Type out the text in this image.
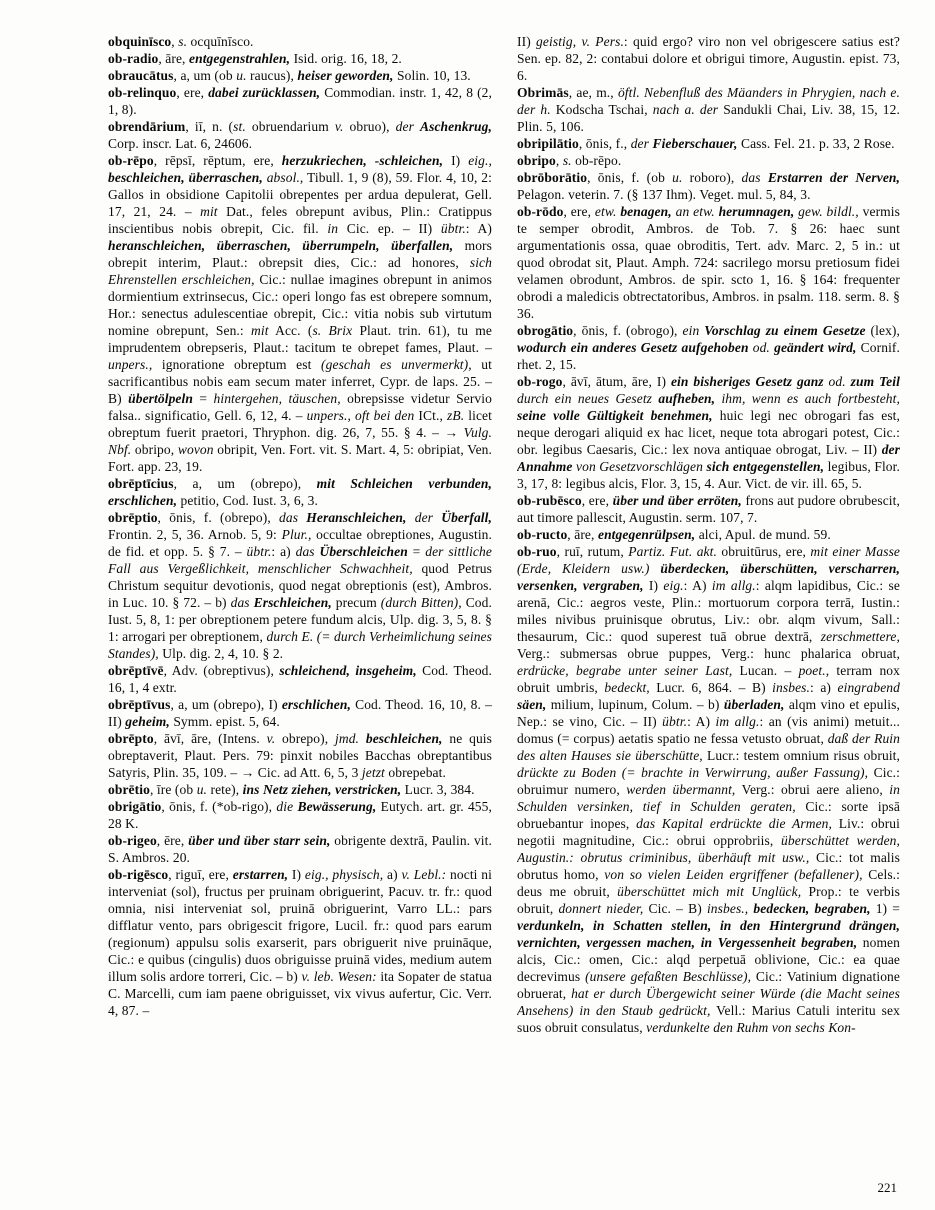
obquinīsco, s. ocquīnīsco.

ob-radio, āre, entgegenstrahlen, Isid. orig. 16, 18, 2.

obraucātus, a, um (ob u. raucus), heiser geworden, Solin. 10, 13.

ob-relinquo, ere, dabei zurücklassen, Commodian. instr. 1, 42, 8 (2, 1, 8).

obrendārium, iī, n. (st. obruendarium v. obruo), der Aschenkrug, Corp. inscr. Lat. 6, 24606.

ob-rēpo, rēpsī, rēptum, ere, herzukriechen, -schleichen, I) eig., beschleichen, überraschen, absol., Tibull. 1, 9 (8), 59. Flor. 4, 10, 2: Gallos in obsidione Capitolii obrepentes per ardua depulerat, Gell. 17, 21, 24. – mit Dat., feles obrepunt avibus, Plin.: Cratippus inscientibus nobis obrepit, Cic. fil. in Cic. ep. – II) übtr.: A) heranschleichen, überraschen, überrumpeln, überfallen, mors obrepit interim, Plaut.: obrepsit dies, Cic.: ad honores, sich Ehrenstellen erschleichen, Cic.: nullae imagines obrepunt in animos dormientium extrinsecus, Cic.: operi longo fas est obrepere somnum, Hor.: senectus adulescentiae obrepit, Cic.: vitia nobis sub virtutum nomine obrepunt, Sen.: mit Acc. (s. Brix Plaut. trin. 61), tu me imprudentem obrepseris, Plaut.: tacitum te obrepet fames, Plaut. – unpers., ignoratione obreptum est (geschah es unvermerkt), ut sacrificantibus nobis eam secum mater inferret, Cypr. de laps. 25. – B) übertölpeln = hintergehen, täuschen, obrepsisse videtur Servio falsa.. significatio, Gell. 6, 12, 4. – unpers., oft bei den ICt., zB. licet obreptum fuerit praetori, Thryphon. dig. 26, 7, 55. § 4. – → Vulg. Nbf. obripo, wovon obripit, Ven. Fort. vit. S. Mart. 4, 5: obripiat, Ven. Fort. app. 23, 19.

obrēptīcius, a, um (obrepo), mit Schleichen verbunden, erschlichen, petitio, Cod. Iust. 3, 6, 3.

obrēptio, ōnis, f. (obrepo), das Heranschleichen, der Überfall, Frontin. 2, 5, 36. Arnob. 5, 9: Plur., occultae obreptiones, Augustin. de fid. et opp. 5. § 7. – übtr.: a) das Überschleichen = der sittliche Fall aus Vergeßlichkeit, menschlicher Schwachheit, quod Petrus Christum sequitur devotionis, quod negat obreptionis (est), Ambros. in Luc. 10. § 72. – b) das Erschleichen, precum (durch Bitten), Cod. Iust. 5, 8, 1: per obreptionem petere fundum alcis, Ulp. dig. 3, 5, 8. § 1: arrogari per obreptionem, durch E. (= durch Verheimlichung seines Standes), Ulp. dig. 2, 4, 10. § 2.

obrēptīvē, Adv. (obreptivus), schleichend, insgeheim, Cod. Theod. 16, 1, 4 extr.

obrēptīvus, a, um (obrepo), I) erschlichen, Cod. Theod. 16, 10, 8. – II) geheim, Symm. epist. 5, 64.

obrēpto, āvī, āre, (Intens. v. obrepo), jmd. beschleichen, ne quis obreptaverit, Plaut. Pers. 79: pinxit nobiles Bacchas obreptantibus Satyris, Plin. 35, 109. – → Cic. ad Att. 6, 5, 3 jetzt obrepebat.

obrētio, īre (ob u. rete), ins Netz ziehen, verstricken, Lucr. 3, 384.

obrigātio, ōnis, f. (*ob-rigo), die Bewässerung, Eutych. art. gr. 455, 28 K.

ob-rigeo, ēre, über und über starr sein, obrigente dextrā, Paulin. vit. S. Ambros. 20.

ob-rigēsco, riguī, ere, erstarren, I) eig., physisch, a) v. Lebl.: nocti ni interveniat (sol), fructus per pruinam obriguerint, Pacuv. tr. fr.: quod omnia, nisi interveniat sol, pruinā obriguerint, Varro LL.: pars difflatur vento, pars obrigescit frigore, Lucil. fr.: quod pars earum (regionum) appulsu solis exarserit, pars obriguerit nive pruināque, Cic.: e quibus (cingulis) duos obriguisse pruinā vides, medium autem illum solis ardore torreri, Cic. – b) v. leb. Wesen: ita Sopater de statua C. Marcelli, cum iam paene obriguisset, vix vivus aufertur, Cic. Verr. 4, 87. –

II) geistig, v. Pers.: quid ergo? viro non vel obrigescere satius est? Sen. ep. 82, 2: contabui dolore et obrigui timore, Augustin. epist. 73, 6.

Obrimās, ae, m., öftl. Nebenfluß des Mäanders in Phrygien, nach e. der h. Kodscha Tschai, nach a. der Sandukli Chai, Liv. 38, 15, 12. Plin. 5, 106.

obripilātio, ōnis, f., der Fieberschauer, Cass. Fel. 21. p. 33, 2 Rose.

obripo, s. ob-rēpo.

obrōborātio, ōnis, f. (ob u. roboro), das Erstarren der Nerven, Pelagon. veterin. 7. (§ 137 Ihm). Veget. mul. 5, 84, 3.

ob-rōdo, ere, etw. benagen, an etw. herumnagen, gew. bildl., vermis te semper obrodit, Ambros. de Tob. 7. § 26: haec sunt argumentationis ossa, quae obroditis, Tert. adv. Marc. 2, 5 in.: ut quod obrodat sit, Plaut. Amph. 724: sacrilego morsu pretiosum fidei velamen obrodunt, Ambros. de spir. scto 1, 16. § 164: frequenter obrodi a maledicis obtrectatoribus, Ambros. in psalm. 118. serm. 8. § 36.

obrogātio, ōnis, f. (obrogo), ein Vorschlag zu einem Gesetze (lex), wodurch ein anderes Gesetz aufgehoben od. geändert wird, Cornif. rhet. 2, 15.

ob-rogo, āvī, ātum, āre, I) ein bisheriges Gesetz ganz od. zum Teil durch ein neues Gesetz aufheben, ihm, wenn es auch fortbesteht, seine volle Gültigkeit benehmen, huic legi nec obrogari fas est, neque derogari aliquid ex hac licet, neque tota abrogari potest, Cic.: obr. legibus Caesaris, Cic.: lex nova antiquae obrogat, Liv. – II) der Annahme von Gesetzvorschlägen sich entgegenstellen, legibus, Flor. 3, 17, 8: legibus alcis, Flor. 3, 15, 4. Aur. Vict. de vir. ill. 65, 5.

ob-rubēsco, ere, über und über erröten, frons aut pudore obrubescit, aut timore pallescit, Augustin. serm. 107, 7.

ob-ructo, āre, entgegenrülpsen, alci, Apul. de mund. 59.

ob-ruo, ruī, rutum, Partiz. Fut. akt. obruitūrus, ere, mit einer Masse (Erde, Kleidern usw.) überdecken, überschütten, verscharren, versenken, vergraben, I) eig.: A) im allg.: alqm lapidibus, Cic.: se arenā, Cic.: aegros veste, Plin.: mortuorum corpora terrā, Iustin.: miles nivibus pruinisque obrutus, Liv.: obr. alqm vivum, Sall.: thesaurum, Cic.: quod superest tuā obrue dextrā, zerschmettere, Verg.: submersas obrue puppes, Verg.: hunc phalarica obruat, erdrücke, begrabe unter seiner Last, Lucan. – poet., terram nox obruit umbris, bedeckt, Lucr. 6, 864. – B) insbes.: a) eingrabend säen, milium, lupinum, Colum. – b) überladen, alqm vino et epulis, Nep.: se vino, Cic. – II) übtr.: A) im allg.: an (vis animi) metuit... domus (= corpus) aetatis spatio ne fessa vetusto obruat, daß der Ruin des alten Hauses sie überschütte, Lucr.: testem omnium risus obruit, drückte zu Boden (= brachte in Verwirrung, außer Fassung), Cic.: obruimur numero, werden übermannt, Verg.: obrui aere alieno, in Schulden versinken, tief in Schulden geraten, Cic.: sorte ipsā obruebantur inopes, das Kapital erdrückte die Armen, Liv.: obrui negotii magnitudine, Cic.: obrui opprobriis, überschüttet werden, Augustin.: obrutus criminibus, überhäuft mit usw., Cic.: tot malis obrutus homo, von so vielen Leiden ergriffener (befallener), Cels.: deus me obruit, überschüttet mich mit Unglück, Prop.: te verbis obruit, donnert nieder, Cic. – B) insbes., bedecken, begraben, 1) = verdunkeln, in Schatten stellen, in den Hintergrund drängen, vernichten, vergessen machen, in Vergessenheit begraben, nomen alcis, Cic.: omen, Cic.: alqd perpetuā oblivione, Cic.: ea quae decrevimus (unsere gefaßten Beschlüsse), Cic.: Vatinium dignatione obruerat, hat er durch Übergewicht seiner Würde (die Macht seines Ansehens) in den Staub gedrückt, Vell.: Marius Catuli interitu sex suos obruit consulatus, verdunkelte den Ruhm von sechs Kon-

221
